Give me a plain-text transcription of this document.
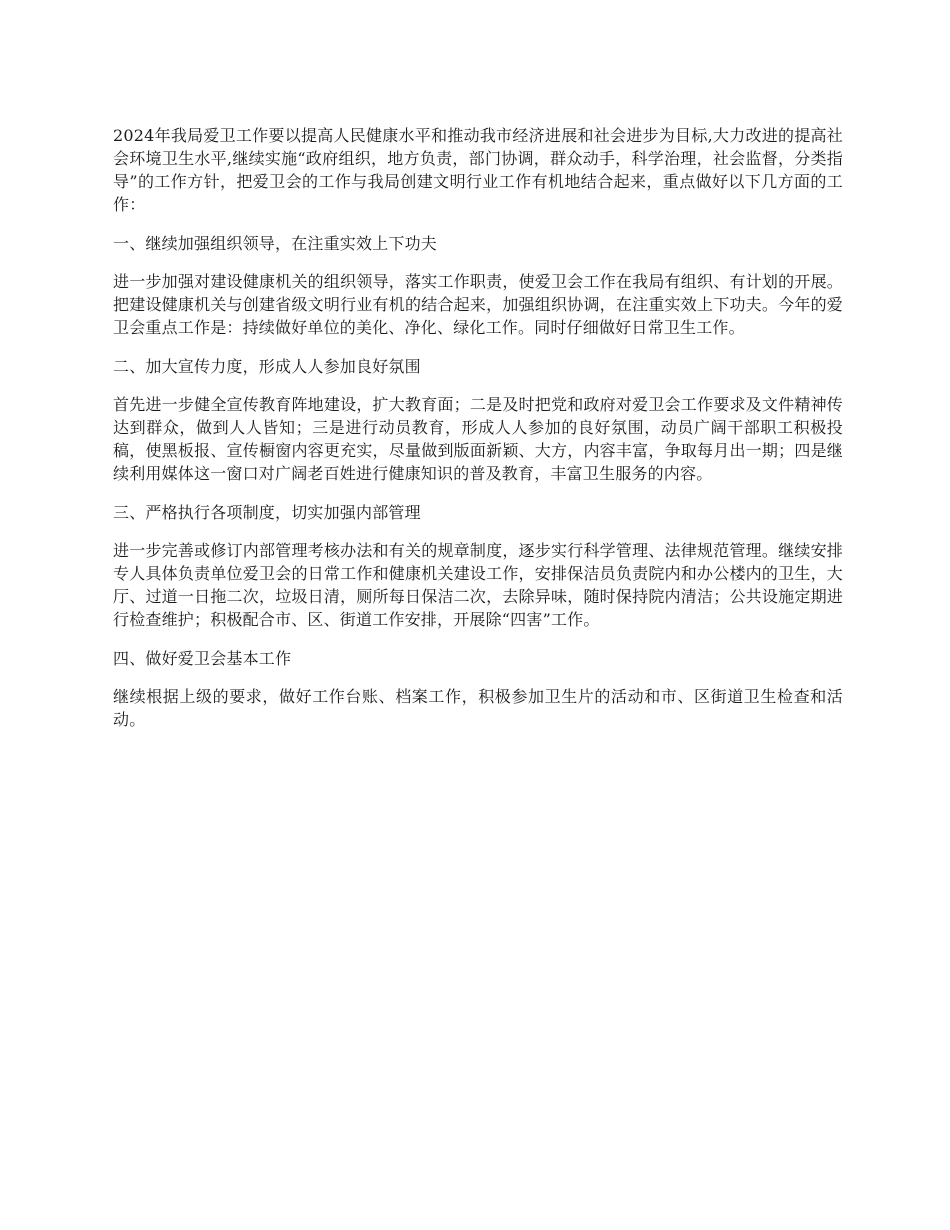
2024年我局爱卫工作要以提高人民健康水平和推动我市经济进展和社会进步为目标,大力改进的提高社会环境卫生水平,继续实施“政府组织，地方负责，部门协调，群众动手，科学治理，社会监督，分类指导”的工作方针，把爱卫会的工作与我局创建文明行业工作有机地结合起来，重点做好以下几方面的工作：

一、继续加强组织领导，在注重实效上下功夫

进一步加强对建设健康机关的组织领导，落实工作职责，使爱卫会工作在我局有组织、有计划的开展。把建设健康机关与创建省级文明行业有机的结合起来，加强组织协调，在注重实效上下功夫。今年的爱卫会重点工作是：持续做好单位的美化、净化、绿化工作。同时仔细做好日常卫生工作。

二、加大宣传力度，形成人人参加良好氛围

首先进一步健全宣传教育阵地建设，扩大教育面；二是及时把党和政府对爱卫会工作要求及文件精神传达到群众，做到人人皆知；三是进行动员教育，形成人人参加的良好氛围，动员广阔干部职工积极投稿，使黑板报、宣传橱窗内容更充实，尽量做到版面新颖、大方，内容丰富，争取每月出一期；四是继续利用媒体这一窗口对广阔老百姓进行健康知识的普及教育，丰富卫生服务的内容。

三、严格执行各项制度，切实加强内部管理

进一步完善或修订内部管理考核办法和有关的规章制度，逐步实行科学管理、法律规范管理。继续安排专人具体负责单位爱卫会的日常工作和健康机关建设工作，安排保洁员负责院内和办公楼内的卫生，大厅、过道一日拖二次，垃圾日清，厕所每日保洁二次，去除异味，随时保持院内清洁；公共设施定期进行检查维护；积极配合市、区、街道工作安排，开展除“四害”工作。

四、做好爱卫会基本工作

继续根据上级的要求，做好工作台账、档案工作，积极参加卫生片的活动和市、区街道卫生检查和活动。
